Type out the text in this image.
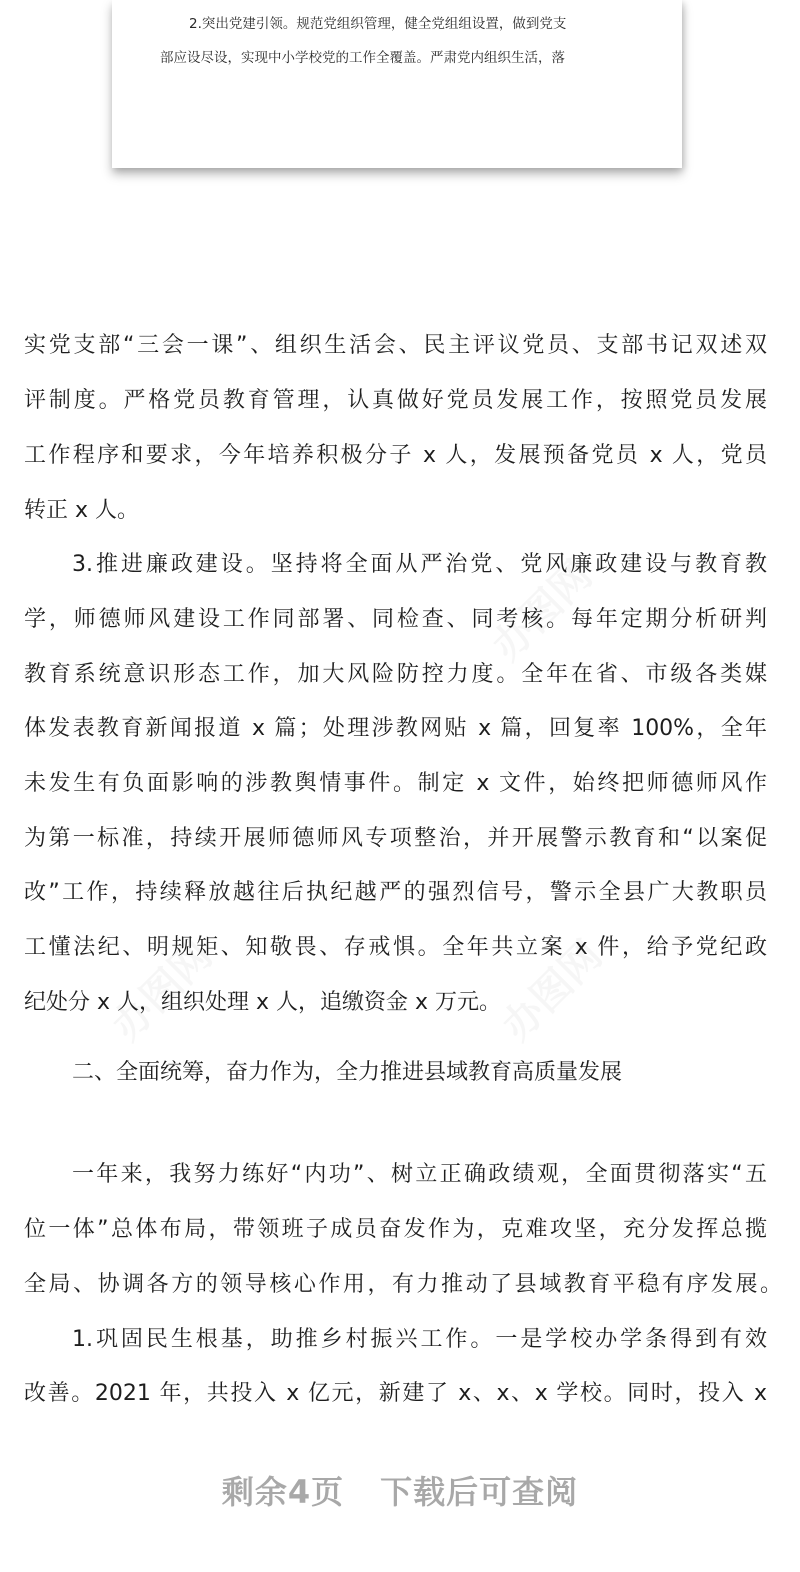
2.突出党建引领。规范党组织管理，健全党组组设置，做到党支
部应设尽设，实现中小学校党的工作全覆盖。严肃党内组织生活，落
实党支部“三会一课”、组织生活会、民主评议党员、支部书记双述双
评制度。严格党员教育管理，认真做好党员发展工作，按照党员发展
工作程序和要求，今年培养积极分子 x 人，发展预备党员 x 人，党员
转正 x 人。
3.推进廉政建设。坚持将全面从严治党、党风廉政建设与教育教
学，师德师风建设工作同部署、同检查、同考核。每年定期分析研判
教育系统意识形态工作，加大风险防控力度。全年在省、市级各类媒
体发表教育新闻报道 x 篇；处理涉教网贴 x 篇，回复率 100%，全年
未发生有负面影响的涉教舆情事件。制定 x 文件，始终把师德师风作
为第一标准，持续开展师德师风专项整治，并开展警示教育和“以案促
改”工作，持续释放越往后执纪越严的强烈信号，警示全县广大教职员
工懂法纪、明规矩、知敬畏、存戒惧。全年共立案 x 件，给予党纪政
纪处分 x 人，组织处理 x 人，追缴资金 x 万元。
二、全面统筹，奋力作为，全力推进县域教育高质量发展
一年来，我努力练好“内功”、树立正确政绩观，全面贯彻落实“五
位一体”总体布局，带领班子成员奋发作为，克难攻坚，充分发挥总揽
全局、协调各方的领导核心作用，有力推动了县域教育平稳有序发展。
1.巩固民生根基，助推乡村振兴工作。一是学校办学条得到有效
改善。2021 年，共投入 x 亿元，新建了 x、x、x 学校。同时，投入 x
剩余4页 下载后可查阅
